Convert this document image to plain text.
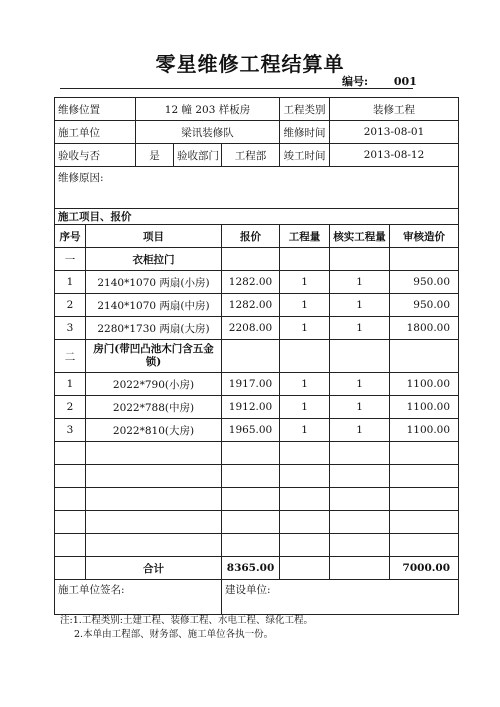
零星维修工程结算单
编号: 001
维修位置		12 幢 203 样板房			工程类别	装修工程	
施工单位		梁讯装修队			维修时间	2013-08-01	
验收与否		是	验收部门	工程部	竣工时间	2013-08-12	
维修原因:							
施工项目、报价							
序号	项目			报价	工程量	核实工程量	审核造价
一	衣柜拉门						
1	2140*1070 两扇(小房)			1282.00	1	1	950.00
2	2140*1070 两扇(中房)			1282.00	1	1	950.00
3	2280*1730 两扇(大房)			2208.00	1	1	1800.00
二	房门(带凹凸池木门含五金锁)						
1	2022*790(小房)			1917.00	1	1	1100.00
2	2022*788(中房)			1912.00	1	1	1100.00
3	2022*810(大房)			1965.00	1	1	1100.00

	合计			8365.00			7000.00
施工单位签名:				建设单位:			
注:1.工程类别:土建工程、装修工程、水电工程、绿化工程。
2.本单由工程部、财务部、施工单位各执一份。
